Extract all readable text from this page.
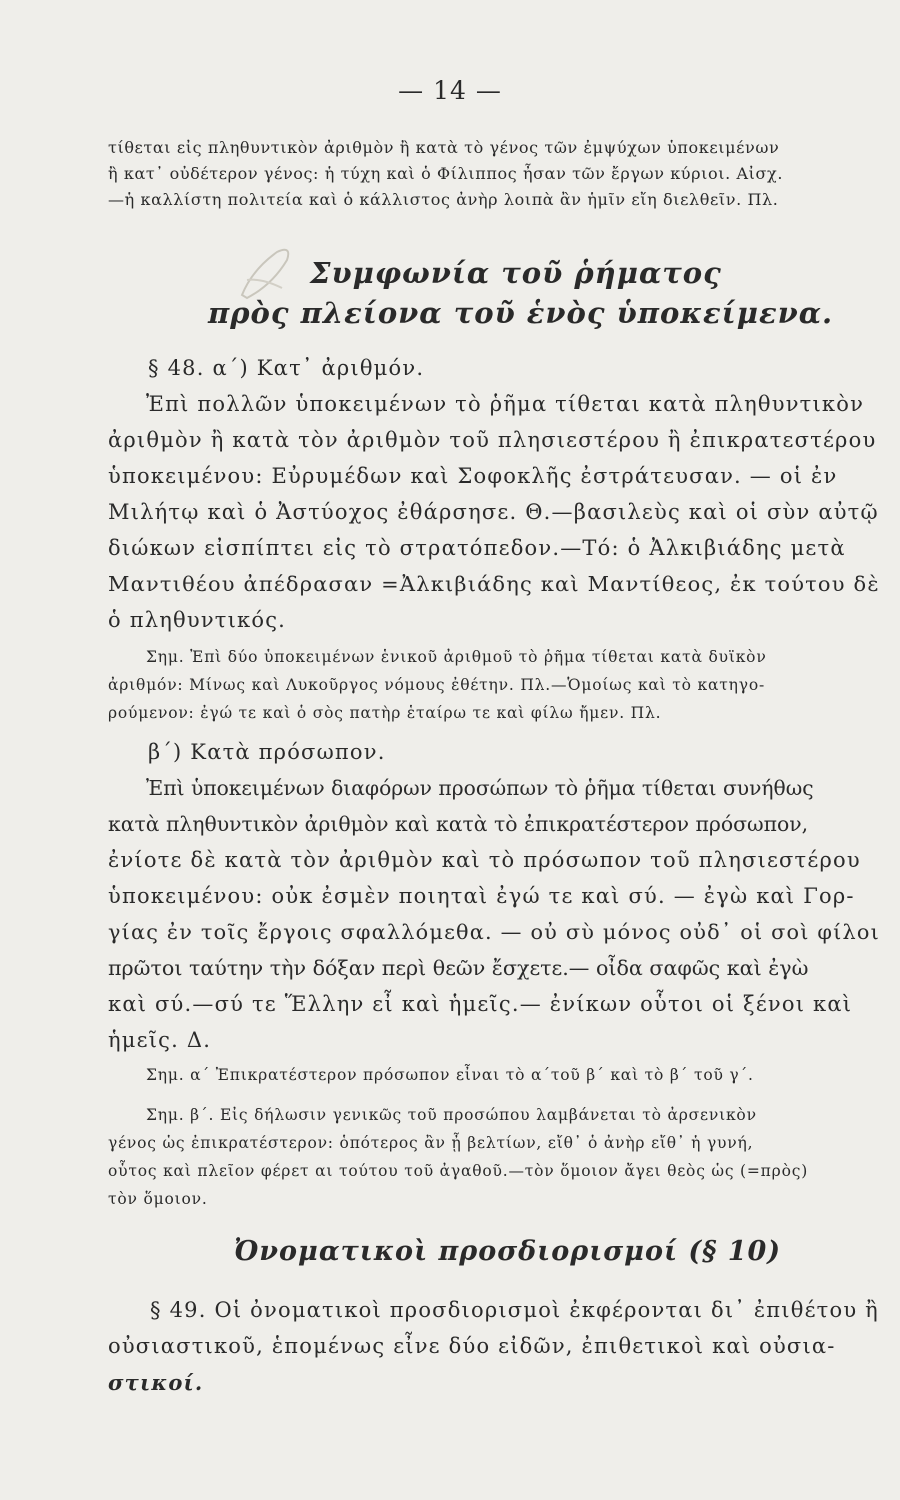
— 14 —
τίθεται εἰς πληθυντικὸν ἀριθμὸν ἢ κατὰ τὸ γένος τῶν ἐμψύχων ὑποκειμένων
ἢ κατ᾽ οὐδέτερον γένος: ἡ τύχη καὶ ὁ Φίλιππος ἦσαν τῶν ἔργων κύριοι. Αἰσχ.
—ἡ καλλίστη πολιτεία καὶ ὁ κάλλιστος ἀνὴρ λοιπὰ ἂν ἡμῖν εἴη διελθεῖν. Πλ.
Συμφωνία τοῦ ῥήματος
πρὸς πλείονα τοῦ ἑνὸς ὑποκείμενα.
§ 48. α΄) Κατ᾽ ἀριθμόν.
Ἐπὶ πολλῶν ὑποκειμένων τὸ ῥῆμα τίθεται κατὰ πληθυντικὸν
ἀριθμὸν ἢ κατὰ τὸν ἀριθμὸν τοῦ πλησιεστέρου ἢ ἐπικρατεστέρου
ὑποκειμένου: Εὐρυμέδων καὶ Σοφοκλῆς ἐστράτευσαν. — οἱ ἐν
Μιλήτῳ καὶ ὁ Ἀστύοχος ἐθάρσησε. Θ.—βασιλεὺς καὶ οἱ σὺν αὐτῷ
διώκων εἰσπίπτει εἰς τὸ στρατόπεδον.—Τό: ὁ Ἀλκιβιάδης μετὰ
Μαντιθέου ἀπέδρασαν =Ἀλκιβιάδης καὶ Μαντίθεος, ἐκ τούτου δὲ
ὁ πληθυντικός.
Σημ. Ἐπὶ δύο ὑποκειμένων ἑνικοῦ ἀριθμοῦ τὸ ῥῆμα τίθεται κατὰ δυϊκὸν
ἀριθμόν: Μίνως καὶ Λυκοῦργος νόμους ἐθέτην. Πλ.—Ὁμοίως καὶ τὸ κατηγο-
ρούμενον: ἐγώ τε καὶ ὁ σὸς πατὴρ ἑταίρω τε καὶ φίλω ἤμεν. Πλ.
β΄) Κατὰ πρόσωπον.
Ἐπὶ ὑποκειμένων διαφόρων προσώπων τὸ ῥῆμα τίθεται συνήθως
κατὰ πληθυντικὸν ἀριθμὸν καὶ κατὰ τὸ ἐπικρατέστερον πρόσωπον,
ἐνίοτε δὲ κατὰ τὸν ἀριθμὸν καὶ τὸ πρόσωπον τοῦ πλησιεστέρου
ὑποκειμένου: οὐκ ἐσμὲν ποιηταὶ ἐγώ τε καὶ σύ. — ἐγὼ καὶ Γορ-
γίας ἐν τοῖς ἔργοις σφαλλόμεθα. — οὐ σὺ μόνος οὐδ᾽ οἱ σοὶ φίλοι
πρῶτοι ταύτην τὴν δόξαν περὶ θεῶν ἔσχετε.— οἶδα σαφῶς καὶ ἐγὼ
καὶ σύ.—σύ τε Ἕλλην εἶ καὶ ἡμεῖς.— ἐνίκων οὗτοι οἱ ξένοι καὶ
ἡμεῖς. Δ.
Σημ. α΄ Ἐπικρατέστερον πρόσωπον εἶναι τὸ α΄τοῦ β΄ καὶ τὸ β΄ τοῦ γ΄.
Σημ. β΄. Εἰς δήλωσιν γενικῶς τοῦ προσώπου λαμβάνεται τὸ ἀρσενικὸν
γένος ὡς ἐπικρατέστερον: ὁπότερος ἂν ᾖ βελτίων, εἴθ᾽ ὁ ἀνὴρ εἴθ᾽ ἡ γυνή,
οὗτος καὶ πλεῖον φέρετ αι τούτου τοῦ ἀγαθοῦ.—τὸν ὅμοιον ἄγει θεὸς ὡς (=πρὸς)
τὸν ὅμοιον.
Ὀνοματικοὶ προσδιορισμοί (§ 10)
§ 49. Οἱ ὀνοματικοὶ προσδιορισμοὶ ἐκφέρονται δι᾽ ἐπιθέτου ἢ
οὐσιαστικοῦ, ἑπομένως εἶνε δύο εἰδῶν, ἐπιθετικοὶ καὶ οὐσια-
στικοί.
